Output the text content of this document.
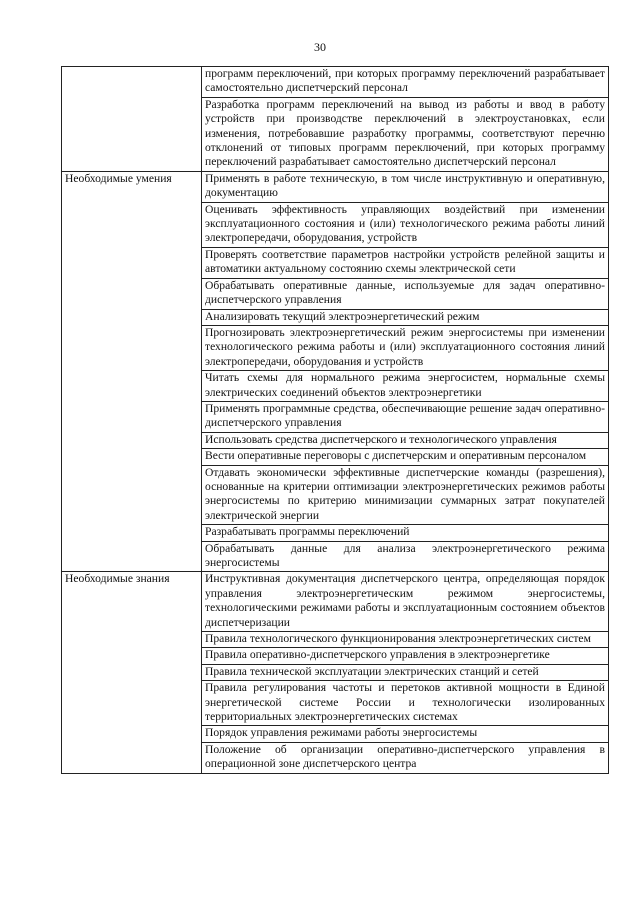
30
	программ переключений, при которых программу переключений разрабатывает самостоятельно диспетчерский персонал
	Разработка программ переключений на вывод из работы и ввод в работу устройств при производстве переключений в электроустановках, если изменения, потребовавшие разработку программы, соответствуют перечню отклонений от типовых программ переключений, при которых программу переключений разрабатывает самостоятельно диспетчерский персонал
Необходимые умения	Применять в работе техническую, в том числе инструктивную и оперативную, документацию
	Оценивать эффективность управляющих воздействий при изменении эксплуатационного состояния и (или) технологического режима работы линий электропередачи, оборудования, устройств
	Проверять соответствие параметров настройки устройств релейной защиты и автоматики актуальному состоянию схемы электрической сети
	Обрабатывать оперативные данные, используемые для задач оперативно-диспетчерского управления
	Анализировать текущий электроэнергетический режим
	Прогнозировать электроэнергетический режим энергосистемы при изменении технологического режима работы и (или) эксплуатационного состояния линий электропередачи, оборудования и устройств
	Читать схемы для нормального режима энергосистем, нормальные схемы электрических соединений объектов электроэнергетики
	Применять программные средства, обеспечивающие решение задач оперативно-диспетчерского управления
	Использовать средства диспетчерского и технологического управления
	Вести оперативные переговоры с диспетчерским и оперативным персоналом
	Отдавать экономически эффективные диспетчерские команды (разрешения), основанные на критерии оптимизации электроэнергетических режимов работы энергосистемы по критерию минимизации суммарных затрат покупателей электрической энергии
	Разрабатывать программы переключений
	Обрабатывать данные для анализа электроэнергетического режима энергосистемы
Необходимые знания	Инструктивная документация диспетчерского центра, определяющая порядок управления электроэнергетическим режимом энергосистемы, технологическими режимами работы и эксплуатационным состоянием объектов диспетчеризации
	Правила технологического функционирования электроэнергетических систем
	Правила оперативно-диспетчерского управления в электроэнергетике
	Правила технической эксплуатации электрических станций и сетей
	Правила регулирования частоты и перетоков активной мощности в Единой энергетической системе России и технологически изолированных территориальных электроэнергетических системах
	Порядок управления режимами работы энергосистемы
	Положение об организации оперативно-диспетчерского управления в операционной зоне диспетчерского центра
